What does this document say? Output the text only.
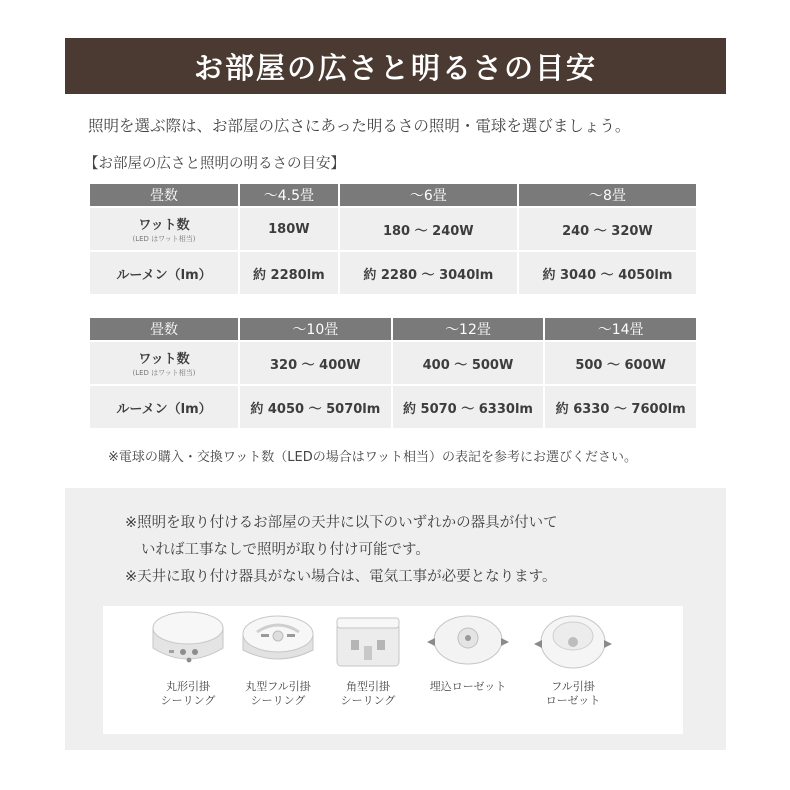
お部屋の広さと明るさの目安
照明を選ぶ際は、お部屋の広さにあった明るさの照明・電球を選びましょう。
【お部屋の広さと照明の明るさの目安】
畳数	〜4.5畳	〜6畳	〜8畳

ワット数
(LED はワット相当)	180W	180 〜 240W	240 〜 320W
ルーメン（lm）	約 2280lm	約 2280 〜 3040lm	約 3040 〜 4050lm
畳数	〜10畳	〜12畳	〜14畳

ワット数
(LED はワット相当)	320 〜 400W	400 〜 500W	500 〜 600W
ルーメン（lm）	約 4050 〜 5070lm	約 5070 〜 6330lm	約 6330 〜 7600lm
※電球の購入・交換ワット数（LEDの場合はワット相当）の表記を参考にお選びください。
※照明を取り付けるお部屋の天井に以下のいずれかの器具が付いて
いれば工事なしで照明が取り付け可能です。
※天井に取り付け器具がない場合は、電気工事が必要となります。
丸形引掛
シーリング
丸型フル引掛
シーリング
角型引掛
シーリング
埋込ローゼット	フル引掛
ローゼット
